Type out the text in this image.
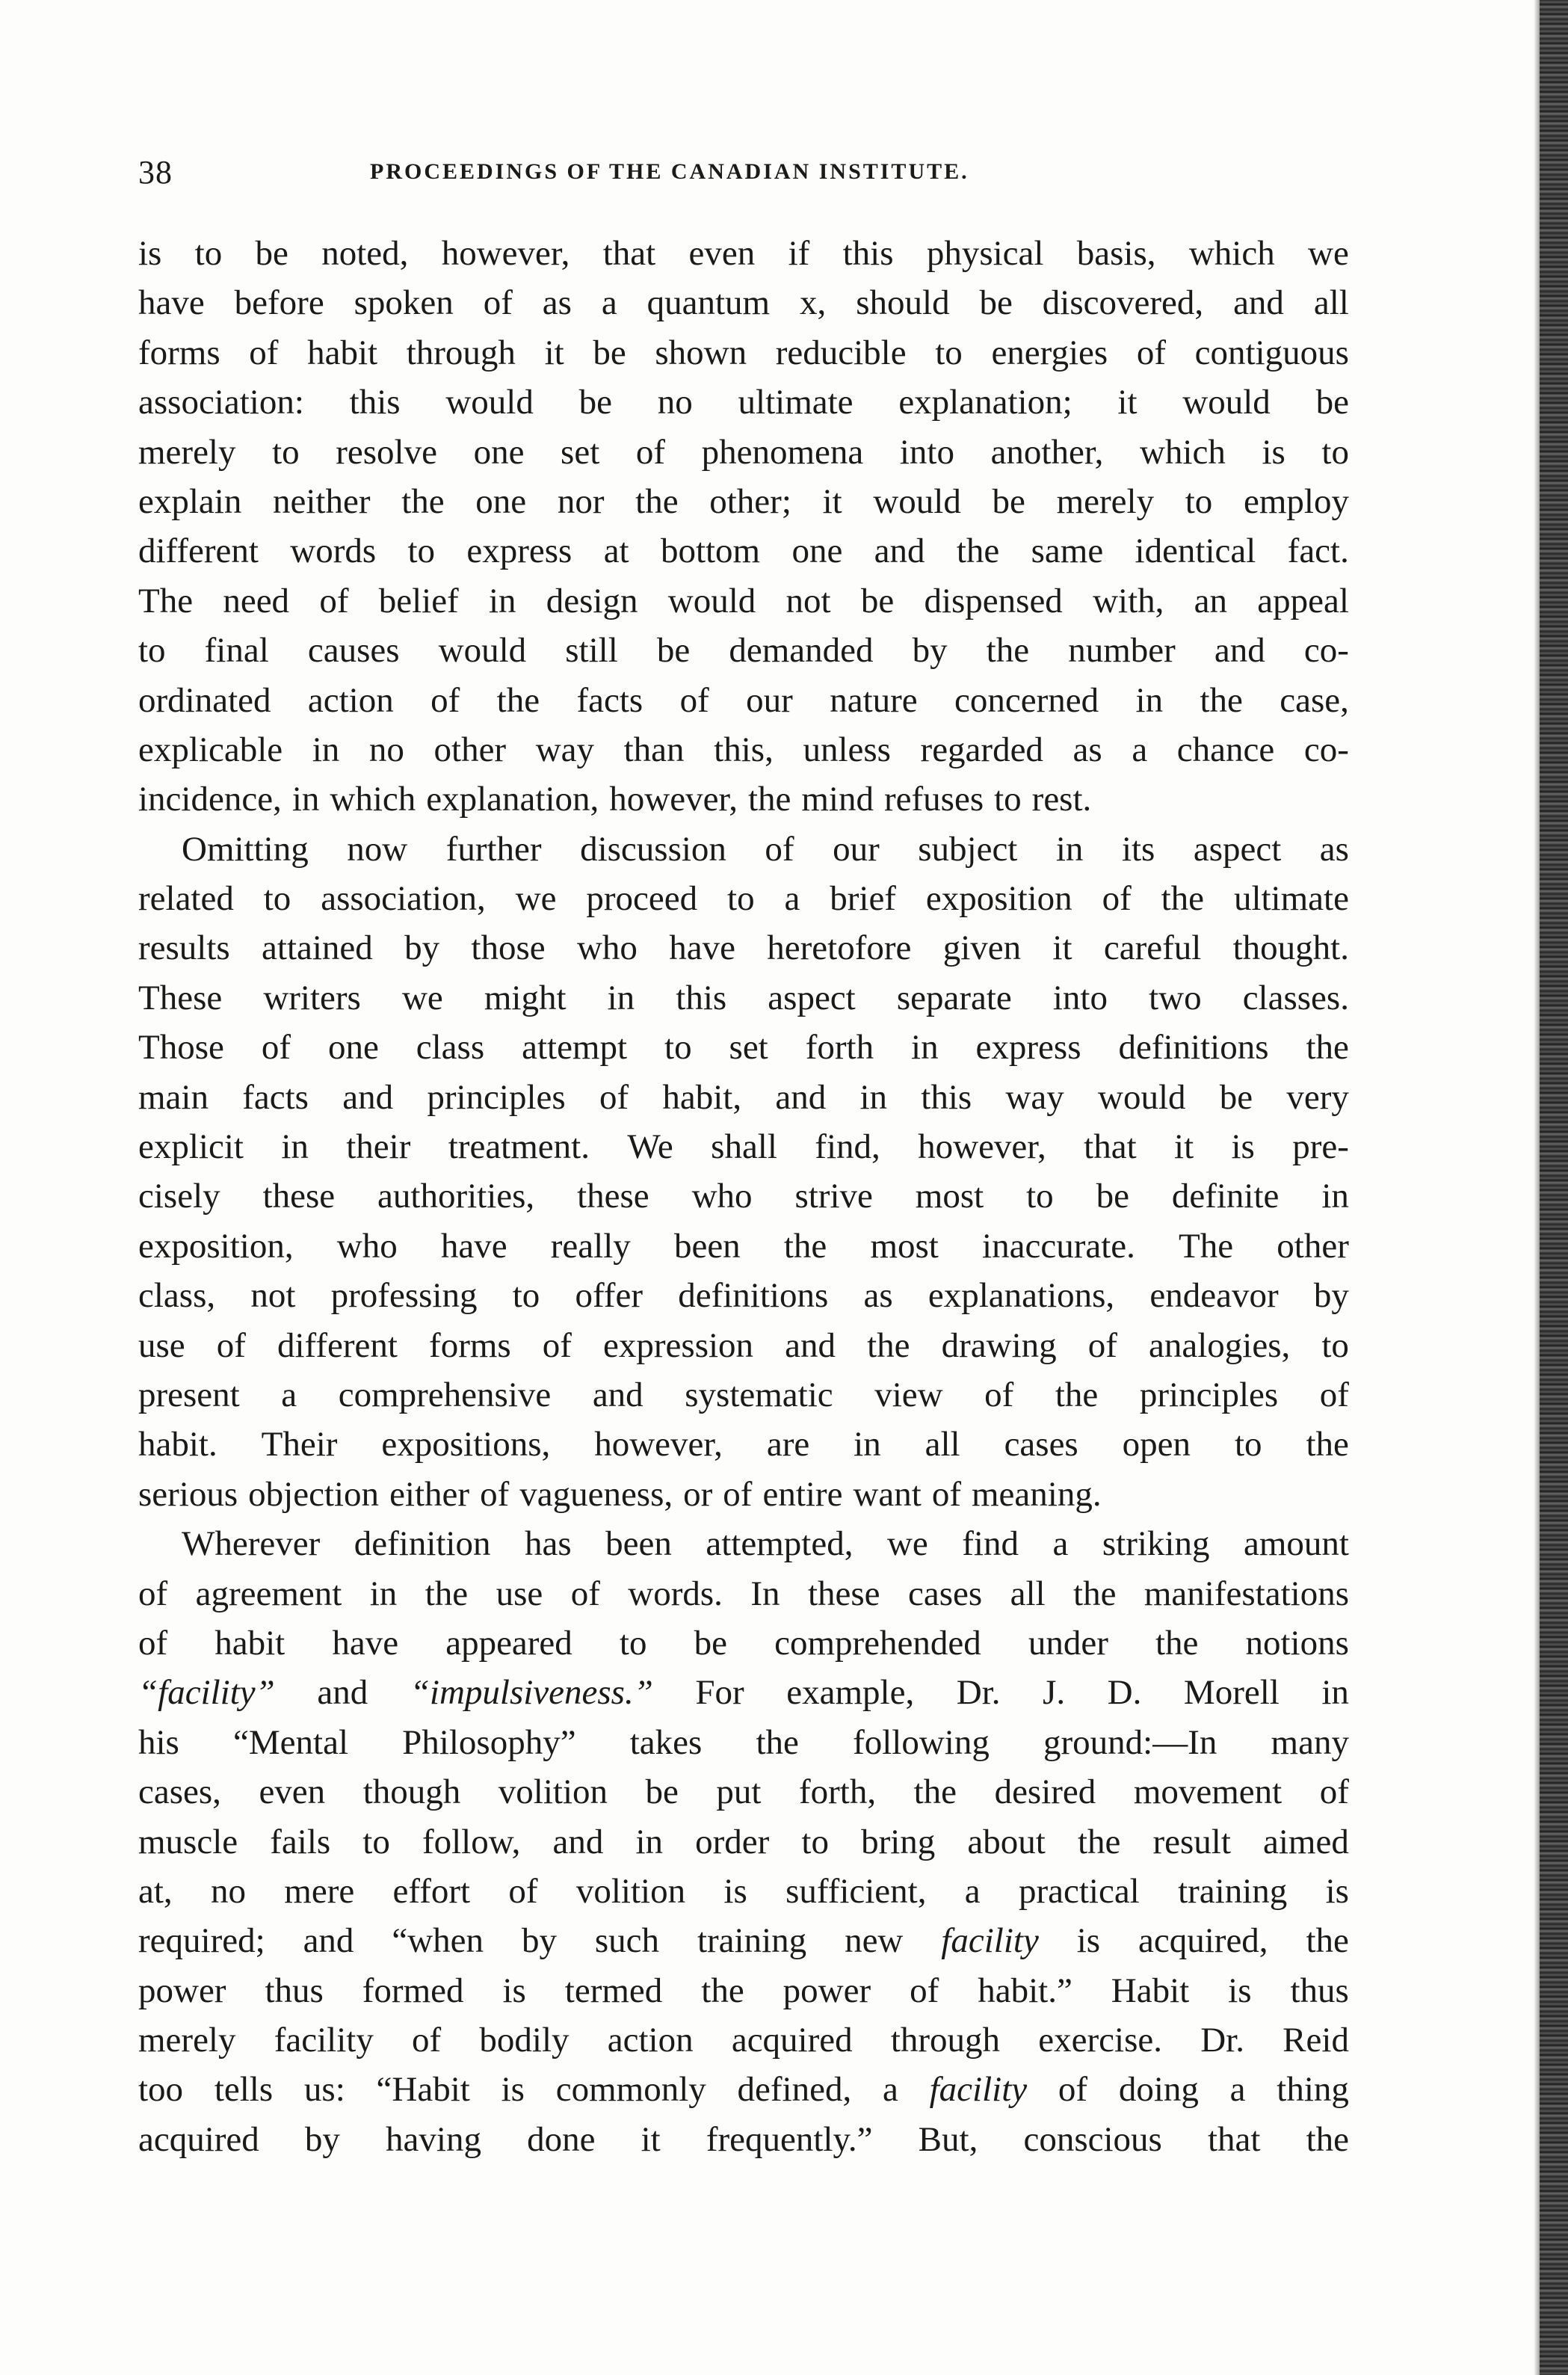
38	PROCEEDINGS OF THE CANADIAN INSTITUTE.
is to be noted, however, that even if this physical basis, which we
have before spoken of as a quantum x, should be discovered, and all
forms of habit through it be shown reducible to energies of contiguous
association: this would be no ultimate explanation; it would be
merely to resolve one set of phenomena into another, which is to
explain neither the one nor the other; it would be merely to employ
different words to express at bottom one and the same identical fact.
The need of belief in design would not be dispensed with, an appeal
to final causes would still be demanded by the number and co-
ordinated action of the facts of our nature concerned in the case,
explicable in no other way than this, unless regarded as a chance co-
incidence, in which explanation, however, the mind refuses to rest.
Omitting now further discussion of our subject in its aspect as
related to association, we proceed to a brief exposition of the ultimate
results attained by those who have heretofore given it careful thought.
These writers we might in this aspect separate into two classes.
Those of one class attempt to set forth in express definitions the
main facts and principles of habit, and in this way would be very
explicit in their treatment. We shall find, however, that it is pre-
cisely these authorities, these who strive most to be definite in
exposition, who have really been the most inaccurate. The other
class, not professing to offer definitions as explanations, endeavor by
use of different forms of expression and the drawing of analogies, to
present a comprehensive and systematic view of the principles of
habit. Their expositions, however, are in all cases open to the
serious objection either of vagueness, or of entire want of meaning.
Wherever definition has been attempted, we find a striking amount
of agreement in the use of words. In these cases all the manifestations
of habit have appeared to be comprehended under the notions
“facility” and “impulsiveness.” For example, Dr. J. D. Morell in
his “Mental Philosophy” takes the following ground:—In many
cases, even though volition be put forth, the desired movement of
muscle fails to follow, and in order to bring about the result aimed
at, no mere effort of volition is sufficient, a practical training is
required; and “when by such training new facility is acquired, the
power thus formed is termed the power of habit.” Habit is thus
merely facility of bodily action acquired through exercise. Dr. Reid
too tells us: “Habit is commonly defined, a facility of doing a thing
acquired by having done it frequently.” But, conscious that the
